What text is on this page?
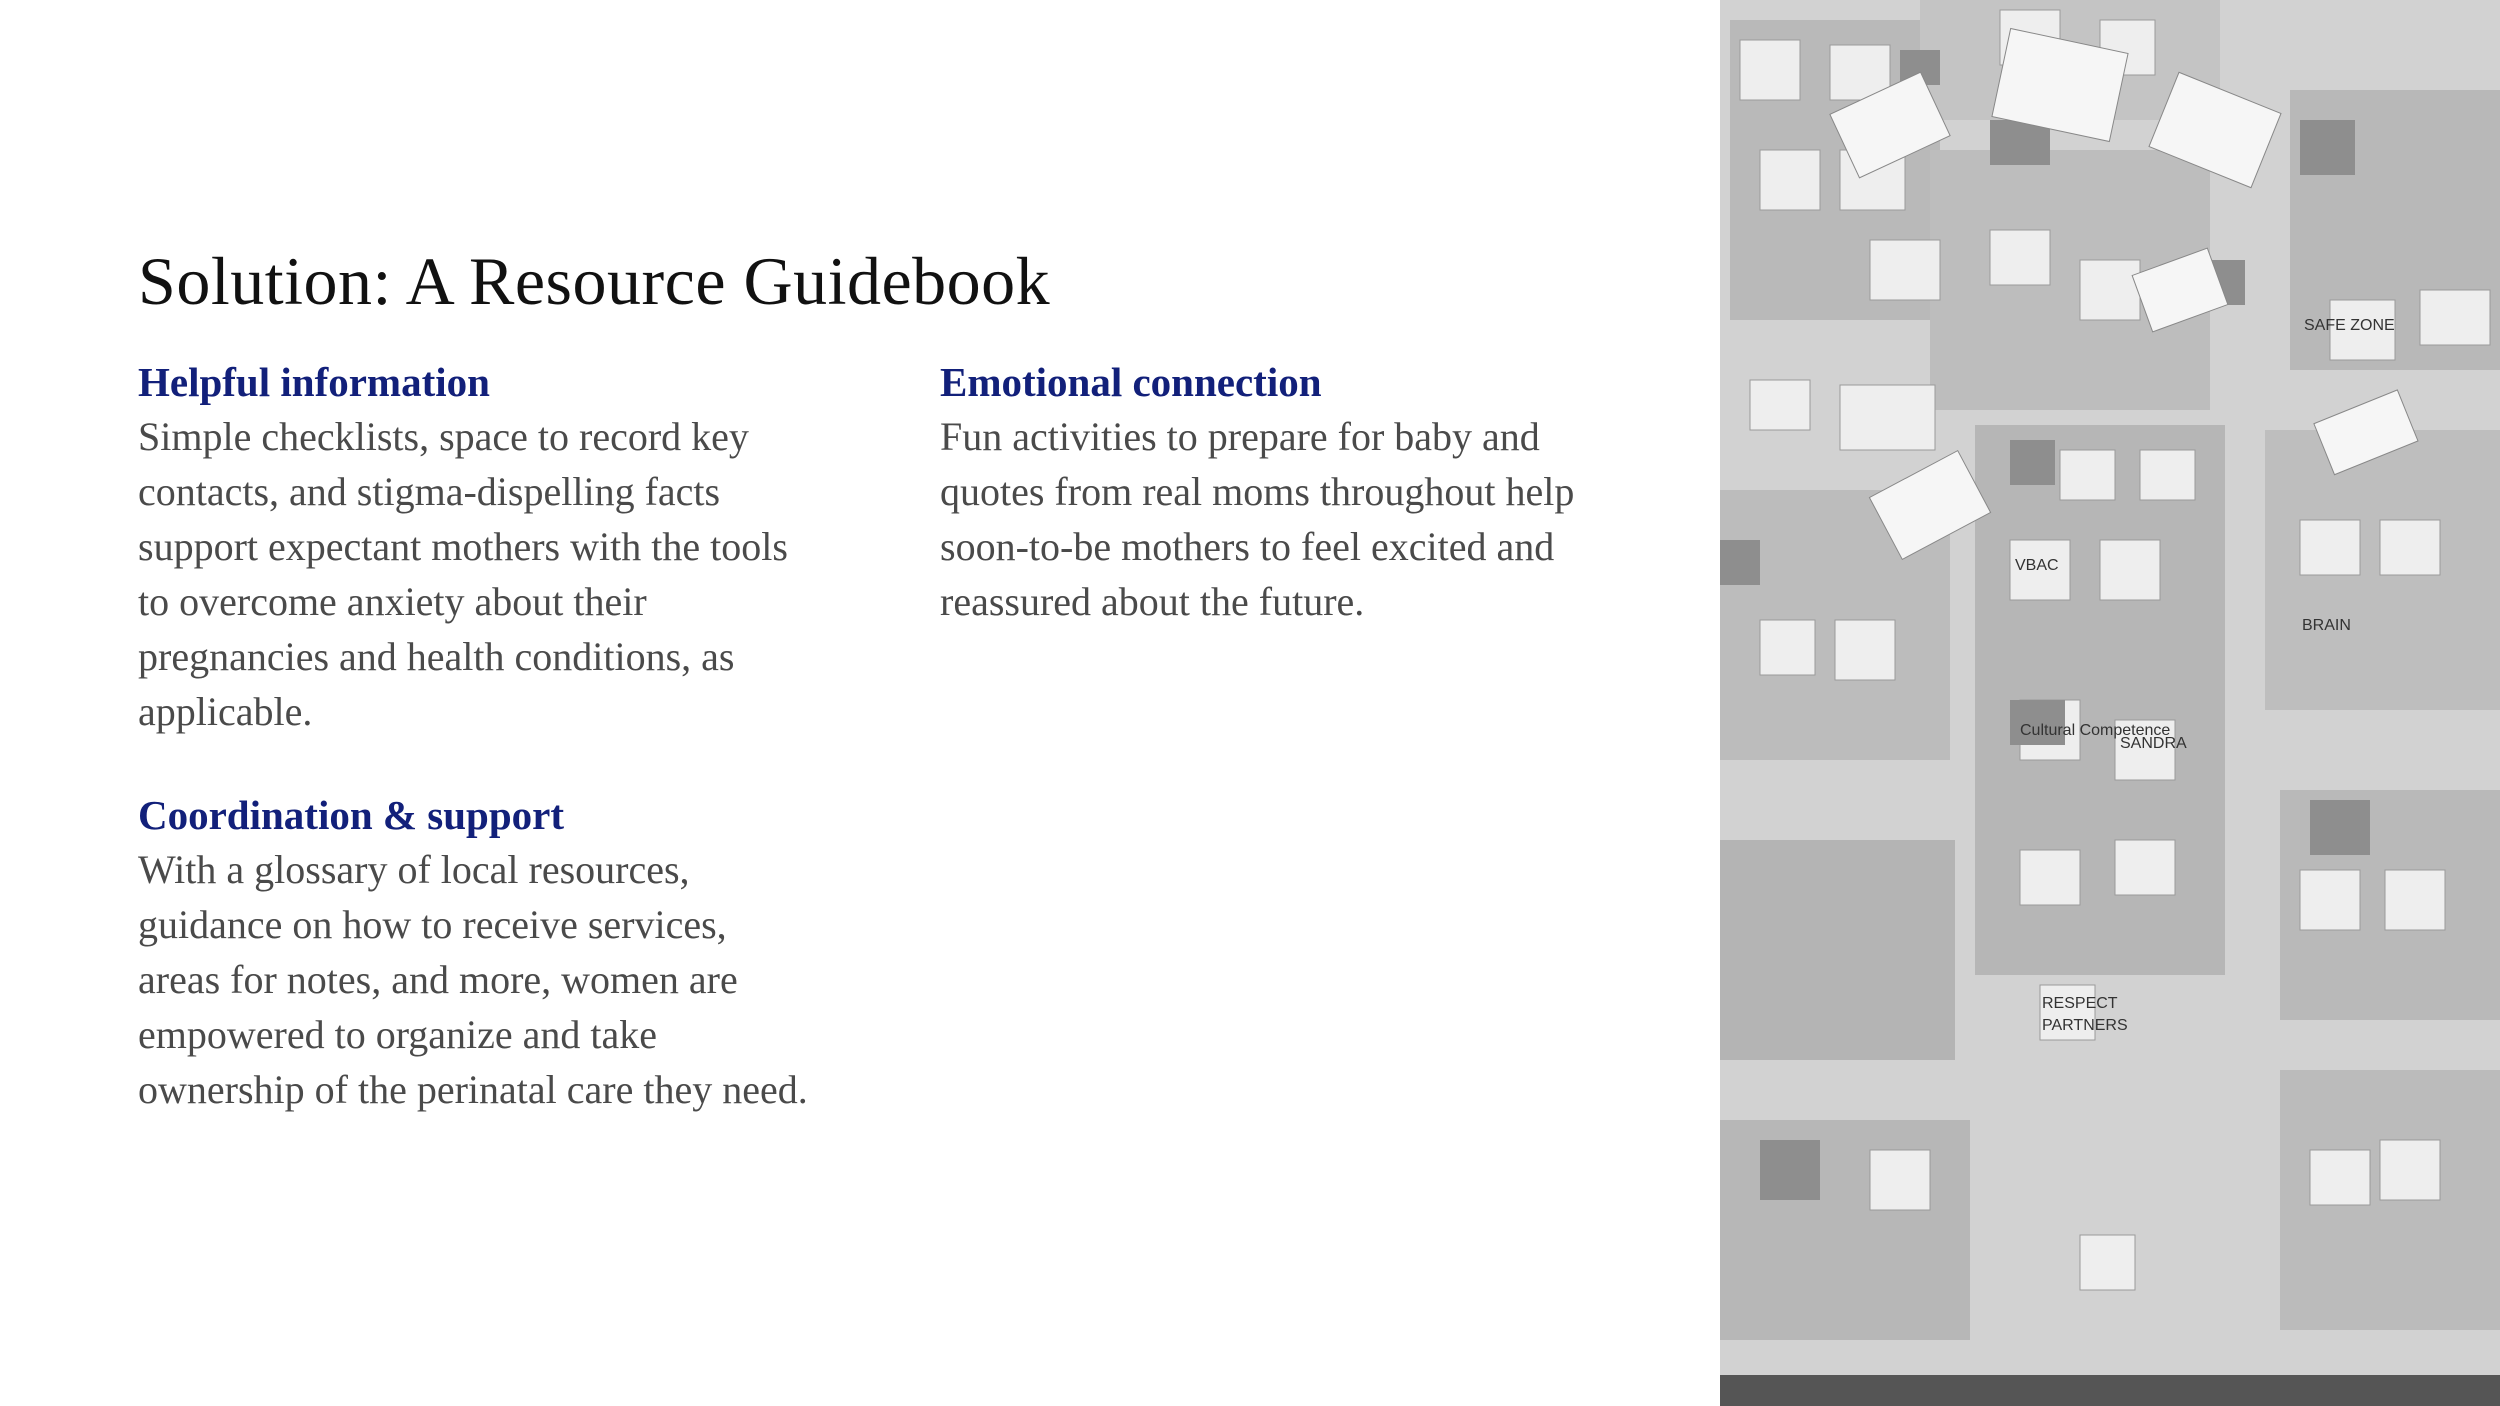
Solution: A Resource Guidebook
Helpful information

Simple checklists, space to record key contacts, and stigma-dispelling facts support expectant mothers with the tools to overcome anxiety about their pregnancies and health conditions, as applicable.

Emotional connection

Fun activities to prepare for baby and quotes from real moms throughout help soon-to-be mothers to feel excited and reassured about the future.

Coordination & support

With a glossary of local resources, guidance on how to receive services, areas for notes, and more, women are empowered to organize and take ownership of the perinatal care they need.

SAFE ZONE
Cultural Competence
SANDRA
BRAIN
VBAC
RESPECT
PARTNERS
